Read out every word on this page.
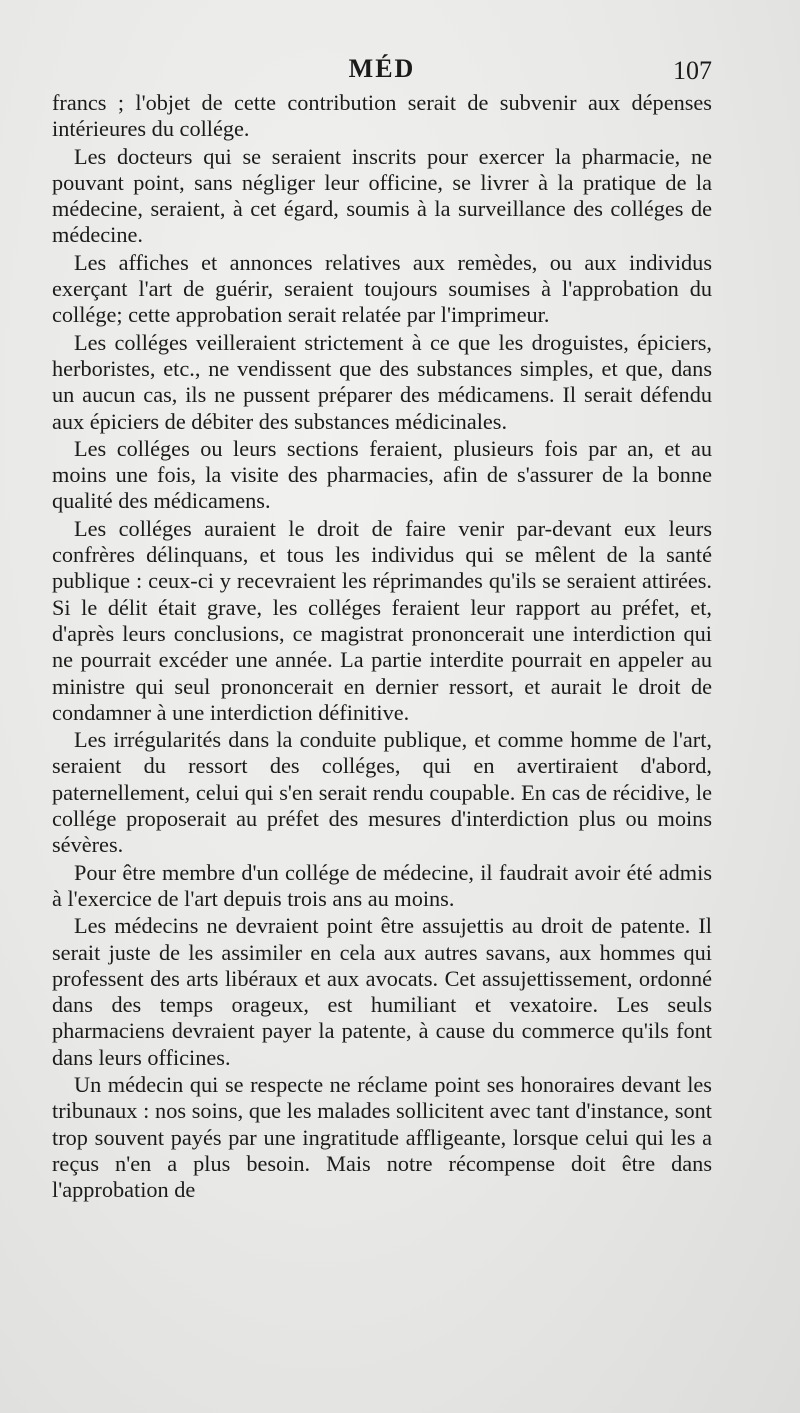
MÉD	107

francs ; l'objet de cette contribution serait de subvenir aux dépenses intérieures du collége.

Les docteurs qui se seraient inscrits pour exercer la pharmacie, ne pouvant point, sans négliger leur officine, se livrer à la pratique de la médecine, seraient, à cet égard, soumis à la surveillance des colléges de médecine.

Les affiches et annonces relatives aux remèdes, ou aux individus exerçant l'art de guérir, seraient toujours soumises à l'approbation du collége; cette approbation serait relatée par l'imprimeur.

Les colléges veilleraient strictement à ce que les droguistes, épiciers, herboristes, etc., ne vendissent que des substances simples, et que, dans un aucun cas, ils ne pussent préparer des médicamens. Il serait défendu aux épiciers de débiter des substances médicinales.

Les colléges ou leurs sections feraient, plusieurs fois par an, et au moins une fois, la visite des pharmacies, afin de s'assurer de la bonne qualité des médicamens.

Les colléges auraient le droit de faire venir par-devant eux leurs confrères délinquans, et tous les individus qui se mêlent de la santé publique : ceux-ci y recevraient les réprimandes qu'ils se seraient attirées. Si le délit était grave, les colléges feraient leur rapport au préfet, et, d'après leurs conclusions, ce magistrat prononcerait une interdiction qui ne pourrait excéder une année. La partie interdite pourrait en appeler au ministre qui seul prononcerait en dernier ressort, et aurait le droit de condamner à une interdiction définitive.

Les irrégularités dans la conduite publique, et comme homme de l'art, seraient du ressort des colléges, qui en avertiraient d'abord, paternellement, celui qui s'en serait rendu coupable. En cas de récidive, le collége proposerait au préfet des mesures d'interdiction plus ou moins sévères.

Pour être membre d'un collége de médecine, il faudrait avoir été admis à l'exercice de l'art depuis trois ans au moins.

Les médecins ne devraient point être assujettis au droit de patente. Il serait juste de les assimiler en cela aux autres savans, aux hommes qui professent des arts libéraux et aux avocats. Cet assujettissement, ordonné dans des temps orageux, est humiliant et vexatoire. Les seuls pharmaciens devraient payer la patente, à cause du commerce qu'ils font dans leurs officines.

Un médecin qui se respecte ne réclame point ses honoraires devant les tribunaux : nos soins, que les malades sollicitent avec tant d'instance, sont trop souvent payés par une ingratitude affligeante, lorsque celui qui les a reçus n'en a plus besoin. Mais notre récompense doit être dans l'approbation de
